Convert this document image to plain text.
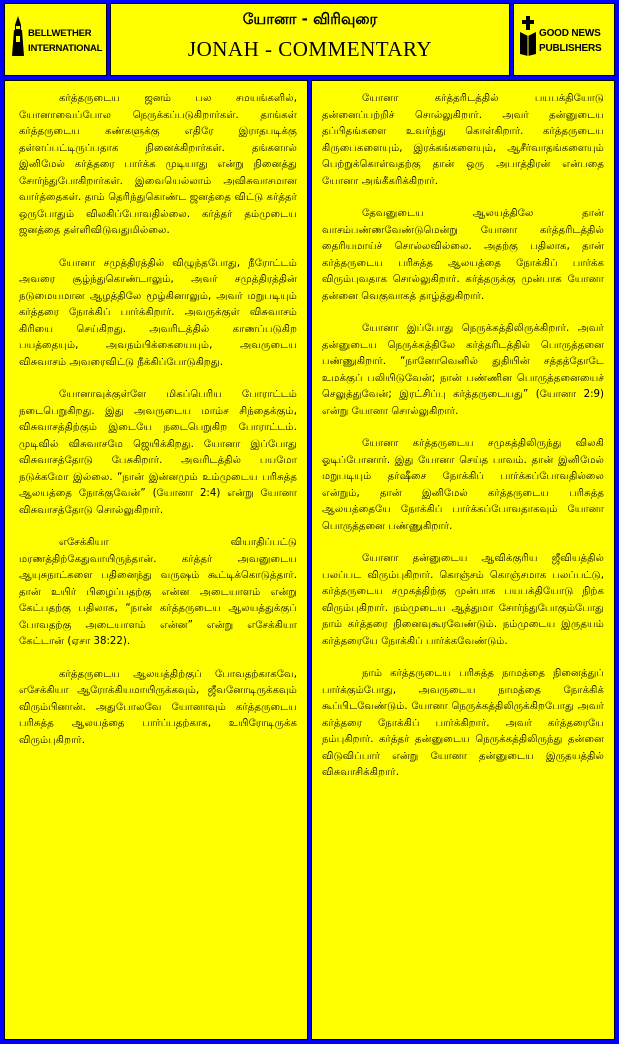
BELLWETHER
INTERNATIONAL
யோனா - விரிவுரை
JONAH - COMMENTARY
GOOD NEWS
PUBLISHERS

கர்த்தருடைய ஜனம் பல சமயங்களில், யோனாவைப்போல நெருக்கப்படுகிறார்கள். தாங்கள் கர்த்தருடைய கண்களுக்கு எதிரே இராதபடிக்கு தள்ளப்பட்டிருப்பதாக நினைக்கிறார்கள். தங்களால் இனிமேல் கர்த்தரை பார்க்க முடியாது என்று நினைத்து சோர்ந்துபோகிறார்கள். இவையெல்லாம் அவிசுவாசமான வார்த்தைகள். தாம் தெரிந்துகொண்ட ஜனத்தை விட்டு கர்த்தர் ஒருபோதும் விலகிப்போவதில்லை. கர்த்தர் தம்முடைய ஜனத்தை தள்ளிவிடுவதுமில்லை.

யோனா சமுத்திரத்தில் விழுந்தபோது, நீரோட்டம் அவரை சூழ்ந்துகொண்டாலும், அவர் சமுத்திரத்தின் நடுமையமான ஆழத்திலே மூழ்கினாலும், அவர் மறுபடியும் கர்த்தரை நோக்கிப் பார்க்கிறார். அவருக்குள் விசுவாசம் கிரியை செய்கிறது. அவரிடத்தில் காணப்படுகிற பயத்தையும், அவநம்பிக்கையையும், அவருடைய விசுவாசம் அவரைவிட்டு நீக்கிப்போடுகிறது.

யோனாவுக்குள்ளே மிகப்பெரிய போராட்டம் நடைபெறுகிறது. இது அவருடைய மாம்ச சிந்தைக்கும், விசுவாசத்திற்கும் இடையே நடைபெறுகிற போராட்டம். முடிவில் விசுவாசமே ஜெயிக்கிறது. யோனா இப்போது விசுவாசத்தோடு பேசுகிறார். அவரிடத்தில் பயமோ நடுக்கமோ இல்லை. “நான் இன்னமும் உம்முடைய பரிசுத்த ஆலயத்தை நோக்குவேன்” (யோனா 2:4) என்று யோனா விசுவாசத்தோடு சொல்லுகிறார்.

எசேக்கியா வியாதிப்பட்டு மரணத்திற்கேதுவாயிருந்தான். கர்த்தர் அவனுடைய ஆயுசுநாட்களை பதினைந்து வருஷம் கூட்டிக்கொடுத்தார். தான் உயிர் பிழைப்பதற்கு என்ன அடையாளம் என்று கேட்பதற்கு பதிலாக, “நான் கர்த்தருடைய ஆலயத்துக்குப் போவதற்கு அடையாளம் என்ன” என்று எசேக்கியா கேட்டான் (ஏசா 38:22).

கர்த்தருடைய ஆலயத்திற்குப் போவதற்காகவே, எசேக்கியா ஆரோக்கியமாயிருக்கவும், ஜீவனோடிருக்கவும் விரும்பினான். அதுபோலவே யோனாவும் கர்த்தருடைய பரிசுத்த ஆலயத்தை பார்ப்பதற்காக, உயிரோடிருக்க விரும்புகிறார்.

யோனா கர்த்தரிடத்தில் பயபக்தியோடு தன்னைப்பற்றிச் சொல்லுகிறார். அவர் தன்னுடைய தப்பிதங்களை உவர்ந்து கொள்கிறார். கர்த்தருடைய கிருபைகளையும், இரக்கங்களையும், ஆசீர்வாதங்களையும் பெற்றுக்கொள்வதற்கு தான் ஒரு அபாத்திரன் என்பதை யோனா அங்கீகரிக்கிறார்.

தேவனுடைய ஆலயத்திலே தான் வாசம்பண்ணவேண்டுமென்று யோனா கர்த்தரிடத்தில் தைரியமாய்ச் சொல்லவில்லை. அதற்கு பதிலாக, தான் கர்த்தருடைய பரிசுத்த ஆலயத்தை நோக்கிப் பார்க்க விரும்புவதாக சொல்லுகிறார். கர்த்தருக்கு முன்பாக யோனா தன்னை வெகுவாகத் தாழ்த்துகிறார்.

யோனா இப்போது நெருக்கத்திலிருக்கிறார். அவர் தன்னுடைய நெருக்கத்திலே கர்த்தரிடத்தில் பொருத்தனை பண்ணுகிறார். “நானோவெனில் துதியின் சத்தத்தோடே உமக்குப் பலியிடுவேன்; நான் பண்ணின பொருத்தனையைச் செலுத்துவேன்; இரட்சிப்பு கர்த்தருடையது” (யோனா 2:9) என்று யோனா சொல்லுகிறார்.

யோனா கர்த்தருடைய சமுகத்திலிருந்து விலகி ஓடிப்போனார். இது யோனா செய்த பாவம். தான் இனிமேல் மறுபடியும் தர்ஷீசை நோக்கிப் பார்க்கப்போவதில்லை என்றும், தான் இனிமேல் கர்த்தருடைய பரிசுத்த ஆலயத்தையே நோக்கிப் பார்க்கப்போவதாகவும் யோனா பொருத்தனை பண்ணுகிறார்.

யோனா தன்னுடைய ஆவிக்குரிய ஜீவியத்தில் பலப்பட விரும்புகிறார். கொஞ்சம் கொஞ்சமாக பலப்பட்டு, கர்த்தருடைய சமுகத்திற்கு முன்பாக பயபக்தியோடு நிற்க விரும்புகிறார். நம்முடைய ஆத்துமா சோர்ந்துபோகும்போது நாம் கர்த்தரை நினைவுகூரவேண்டும். நம்முடைய இருதயம் கர்த்தரையே நோக்கிப் பார்க்கவேண்டும்.

நாம் கர்த்தருடைய பரிசுத்த நாமத்தை நினைத்துப் பார்க்கும்போது, அவருடைய நாமத்தை நோக்கிக் கூப்பிடவேண்டும். யோனா நெருக்கத்திலிருக்கிறபோது அவர் கர்த்தரை நோக்கிப் பார்க்கிறார். அவர் கர்த்தரையே நம்புகிறார். கர்த்தர் தன்னுடைய நெருக்கத்திலிருந்து தன்னை விடுவிப்பார் என்று யோனா தன்னுடைய இருதயத்தில் விசுவாசிக்கிறார்.
